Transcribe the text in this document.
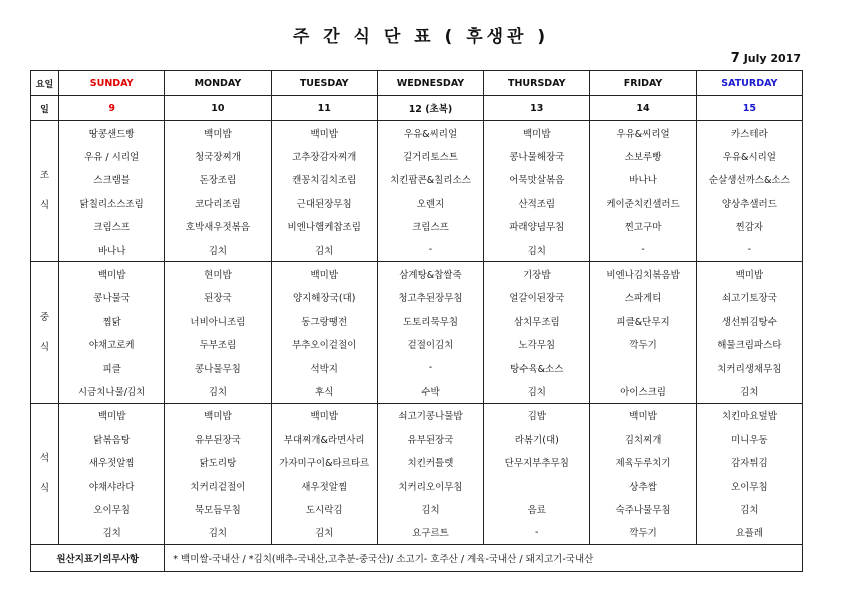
주 간 식 단 표 ( 후생관 )
7 July 2017
요일	SUNDAY	MONDAY	TUESDAY	WEDNESDAY	THURSDAY	FRIDAY	SATURDAY
일	9	10	11	12 (초복)	13	14	15

조
식	땅콩샌드빵	백미밥	백미밥	우유&씨리얼	백미밥	우유&씨리얼	카스테라
	우유 / 시리얼	청국장찌개	고추장감자찌개	길거리토스트	콩나물해장국	소보루빵	우유&시리얼
	스크램블	돈장조림	캔꽁치김치조림	치킨팝콘&칠리소스	어묵맛살볶음	바나나	순살생선까스&소스
	닭칠리소스조림	코다리조림	근대된장무침	오렌지	산적조림	케이준치킨샐러드	양상추샐러드
	크림스프	호박새우젓볶음	비엔나햄케찹조림	크림스프	파래양념무침	찐고구마	찐감자
	바나나	김치	김치	-	김치	-	-

중
식	백미밥	현미밥	백미밥	삼계탕&찹쌀죽	기장밥	비엔나김치볶음밥	백미밥
	콩나물국	된장국	양지해장국(대)	청고추된장무침	얼갈이된장국	스파게티	쇠고기토장국
	찜닭	너비아니조림	동그랑땡전	도토리묵무침	삼치무조림	피클&단무지	생선튀김탕수
	야채고로케	두부조림	부추오이겉절이	겉절이김치	노각무침	깍두기	해물크림파스타
	피클	콩나물무침	석박지	-	탕수육&소스		치커리생채무침
	시금치나물/김치	김치	후식	수박	김치	아이스크림	김치

석
식	백미밥	백미밥	백미밥	쇠고기콩나물밥	김밥	백미밥	치킨마요덮밥
	닭볶음탕	유부된장국	부대찌개&라면사리	유부된장국	라볶기(대)	김치찌개	미니우동
	새우젓알찜	닭도리탕	가자미구이&타르타르	치킨커틀렛	단무지부추무침	제육두루치기	감자튀김
	야채샤라다	치커리겉절이	새우젓알찜	치커리오이무침		상추쌈	오이무침
	오이무침	묵모듬무침	도시락김	김치	음료	숙주나물무침	김치
	김치	김치	김치	요구르트	-	깍두기	요플레
원산지표기의무사항		* 백미쌀-국내산 / *김치(배추-국내산,고추분-중국산)/ 소고기- 호주산 / 계육-국내산 / 돼지고기-국내산					
